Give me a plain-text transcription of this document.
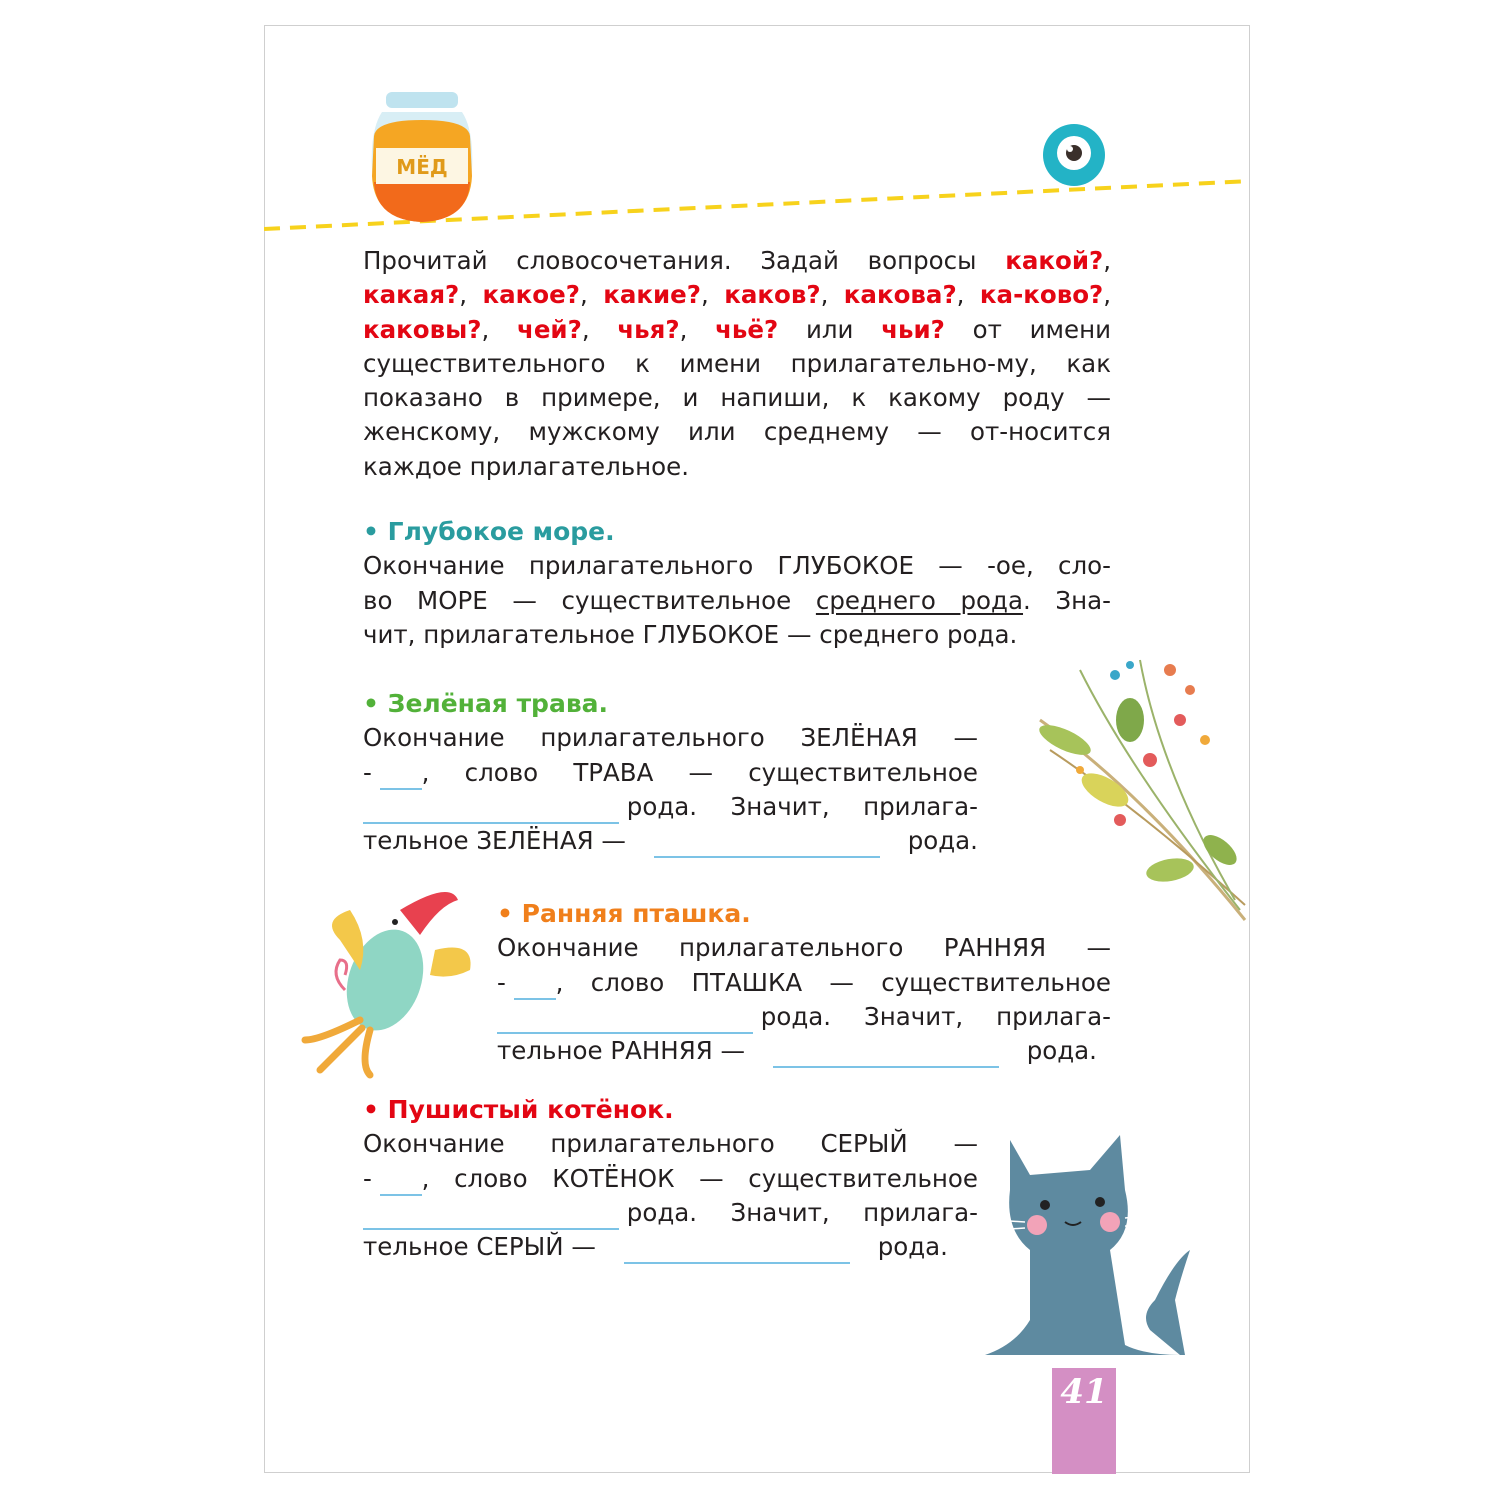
МЁД
41
Прочитай словосочетания. Задай вопросы какой?, какая?, какое?, какие?, каков?, какова?, ка-ково?, каковы?, чей?, чья?, чьё? или чьи? от имени существительного к имени прилагательно-му, как показано в примере, и напиши, к какому роду — женскому, мужскому или среднему — от-носится каждое прилагательное.
• Глубокое море.
Окончание прилагательного ГЛУБОКОЕ — -ое, сло-
во МОРЕ — существительное среднего рода. Зна-
чит, прилагательное ГЛУБОКОЕ — среднего рода.
• Зелёная трава.
Окончание прилагательного ЗЕЛЁНАЯ —
- , слово ТРАВА — существительное

рода. Значит, прилага-
тельное ЗЕЛЁНАЯ —	рода.
• Ранняя пташка.
Окончание прилагательного РАННЯЯ —
- , слово ПТАШКА — существительное

рода. Значит, прилага-
тельное РАННЯЯ —	рода.
• Пушистый котёнок.
Окончание прилагательного СЕРЫЙ —
- , слово КОТЁНОК — существительное

рода. Значит, прилага-
тельное СЕРЫЙ —	рода.
